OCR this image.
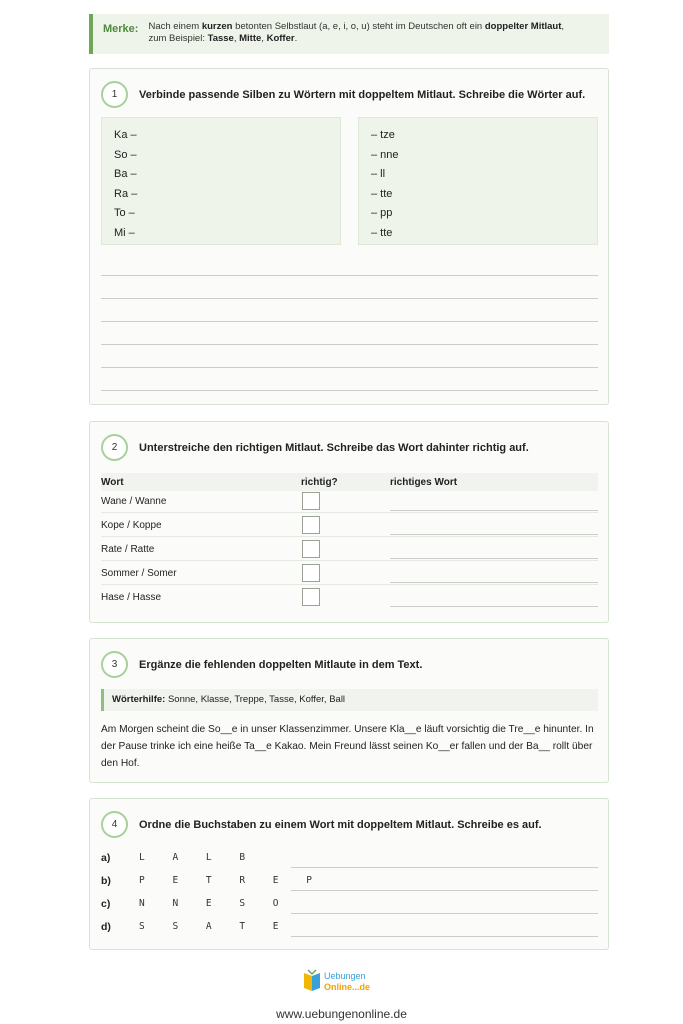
Merke: Nach einem kurzen betonten Selbstlaut (a, e, i, o, u) steht im Deutschen oft ein doppelter Mitlaut,
zum Beispiel: Tasse, Mitte, Koffer.
1	Verbinde passende Silben zu Wörtern mit doppeltem Mitlaut. Schreibe die Wörter auf.
Ka –
So –
Ba –
Ra –
To –
Mi –
– tze
– nne
– ll
– tte
– pp
– tte
2	Unterstreiche den richtigen Mitlaut. Schreibe das Wort dahinter richtig auf.
Wort	richtig?	richtiges Wort
Wane / Wanne
Kope / Koppe
Rate / Ratte
Sommer / Somer
Hase / Hasse
3	Ergänze die fehlenden doppelten Mitlaute in dem Text.
Wörterhilfe: Sonne, Klasse, Treppe, Tasse, Koffer, Ball
Am Morgen scheint die So__e in unser Klassenzimmer. Unsere Kla__e läuft vorsichtig die Tre__e hinunter. In der Pause trinke ich eine heiße Ta__e Kakao. Mein Freund lässt seinen Ko__er fallen und der Ba__ rollt über den Hof.
4	Ordne die Buchstaben zu einem Wort mit doppeltem Mitlaut. Schreibe es auf.
a)	L A L B
b)	P E T R E P
c)	N N E S O
d)	S S A T E
Uebungen
Online...de
www.uebungenonline.de
